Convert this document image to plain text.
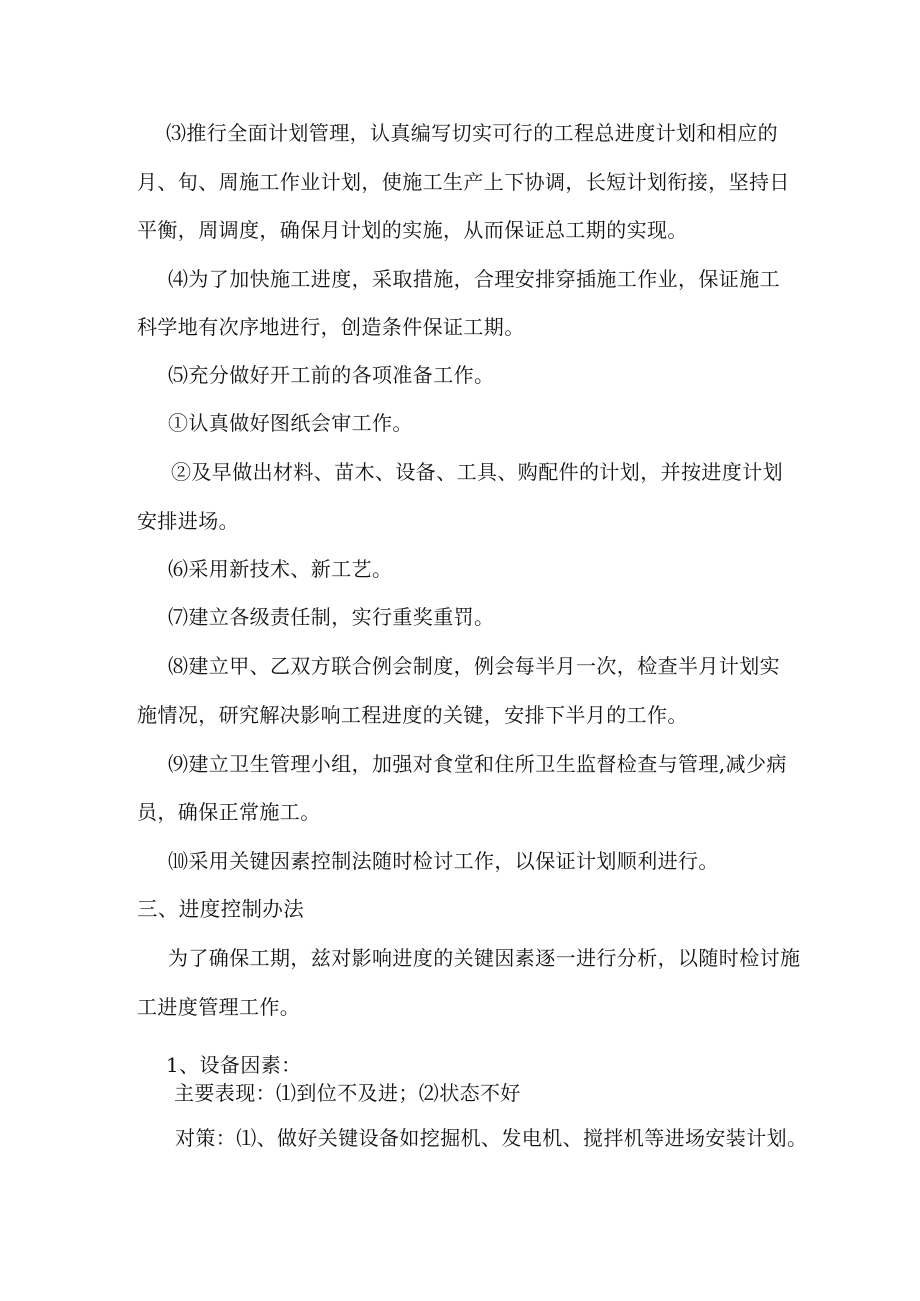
⑶推行全面计划管理，认真编写切实可行的工程总进度计划和相应的
月、旬、周施工作业计划，使施工生产上下协调，长短计划衔接，坚持日
平衡，周调度，确保月计划的实施，从而保证总工期的实现。
⑷为了加快施工进度，采取措施，合理安排穿插施工作业，保证施工
科学地有次序地进行，创造条件保证工期。
⑸充分做好开工前的各项准备工作。
①认真做好图纸会审工作。
②及早做出材料、苗木、设备、工具、购配件的计划，并按进度计划
安排进场。
⑹采用新技术、新工艺。
⑺建立各级责任制，实行重奖重罚。
⑻建立甲、乙双方联合例会制度，例会每半月一次，检查半月计划实
施情况，研究解决影响工程进度的关键，安排下半月的工作。
⑼建立卫生管理小组，加强对食堂和住所卫生监督检查与管理,减少病
员，确保正常施工。
⑽采用关键因素控制法随时检讨工作，以保证计划顺利进行。
三、进度控制办法
为了确保工期，兹对影响进度的关键因素逐一进行分析，以随时检讨施
工进度管理工作。
1、设备因素：
主要表现：⑴到位不及进；⑵状态不好
对策：⑴、做好关键设备如挖掘机、发电机、搅拌机等进场安装计划。
